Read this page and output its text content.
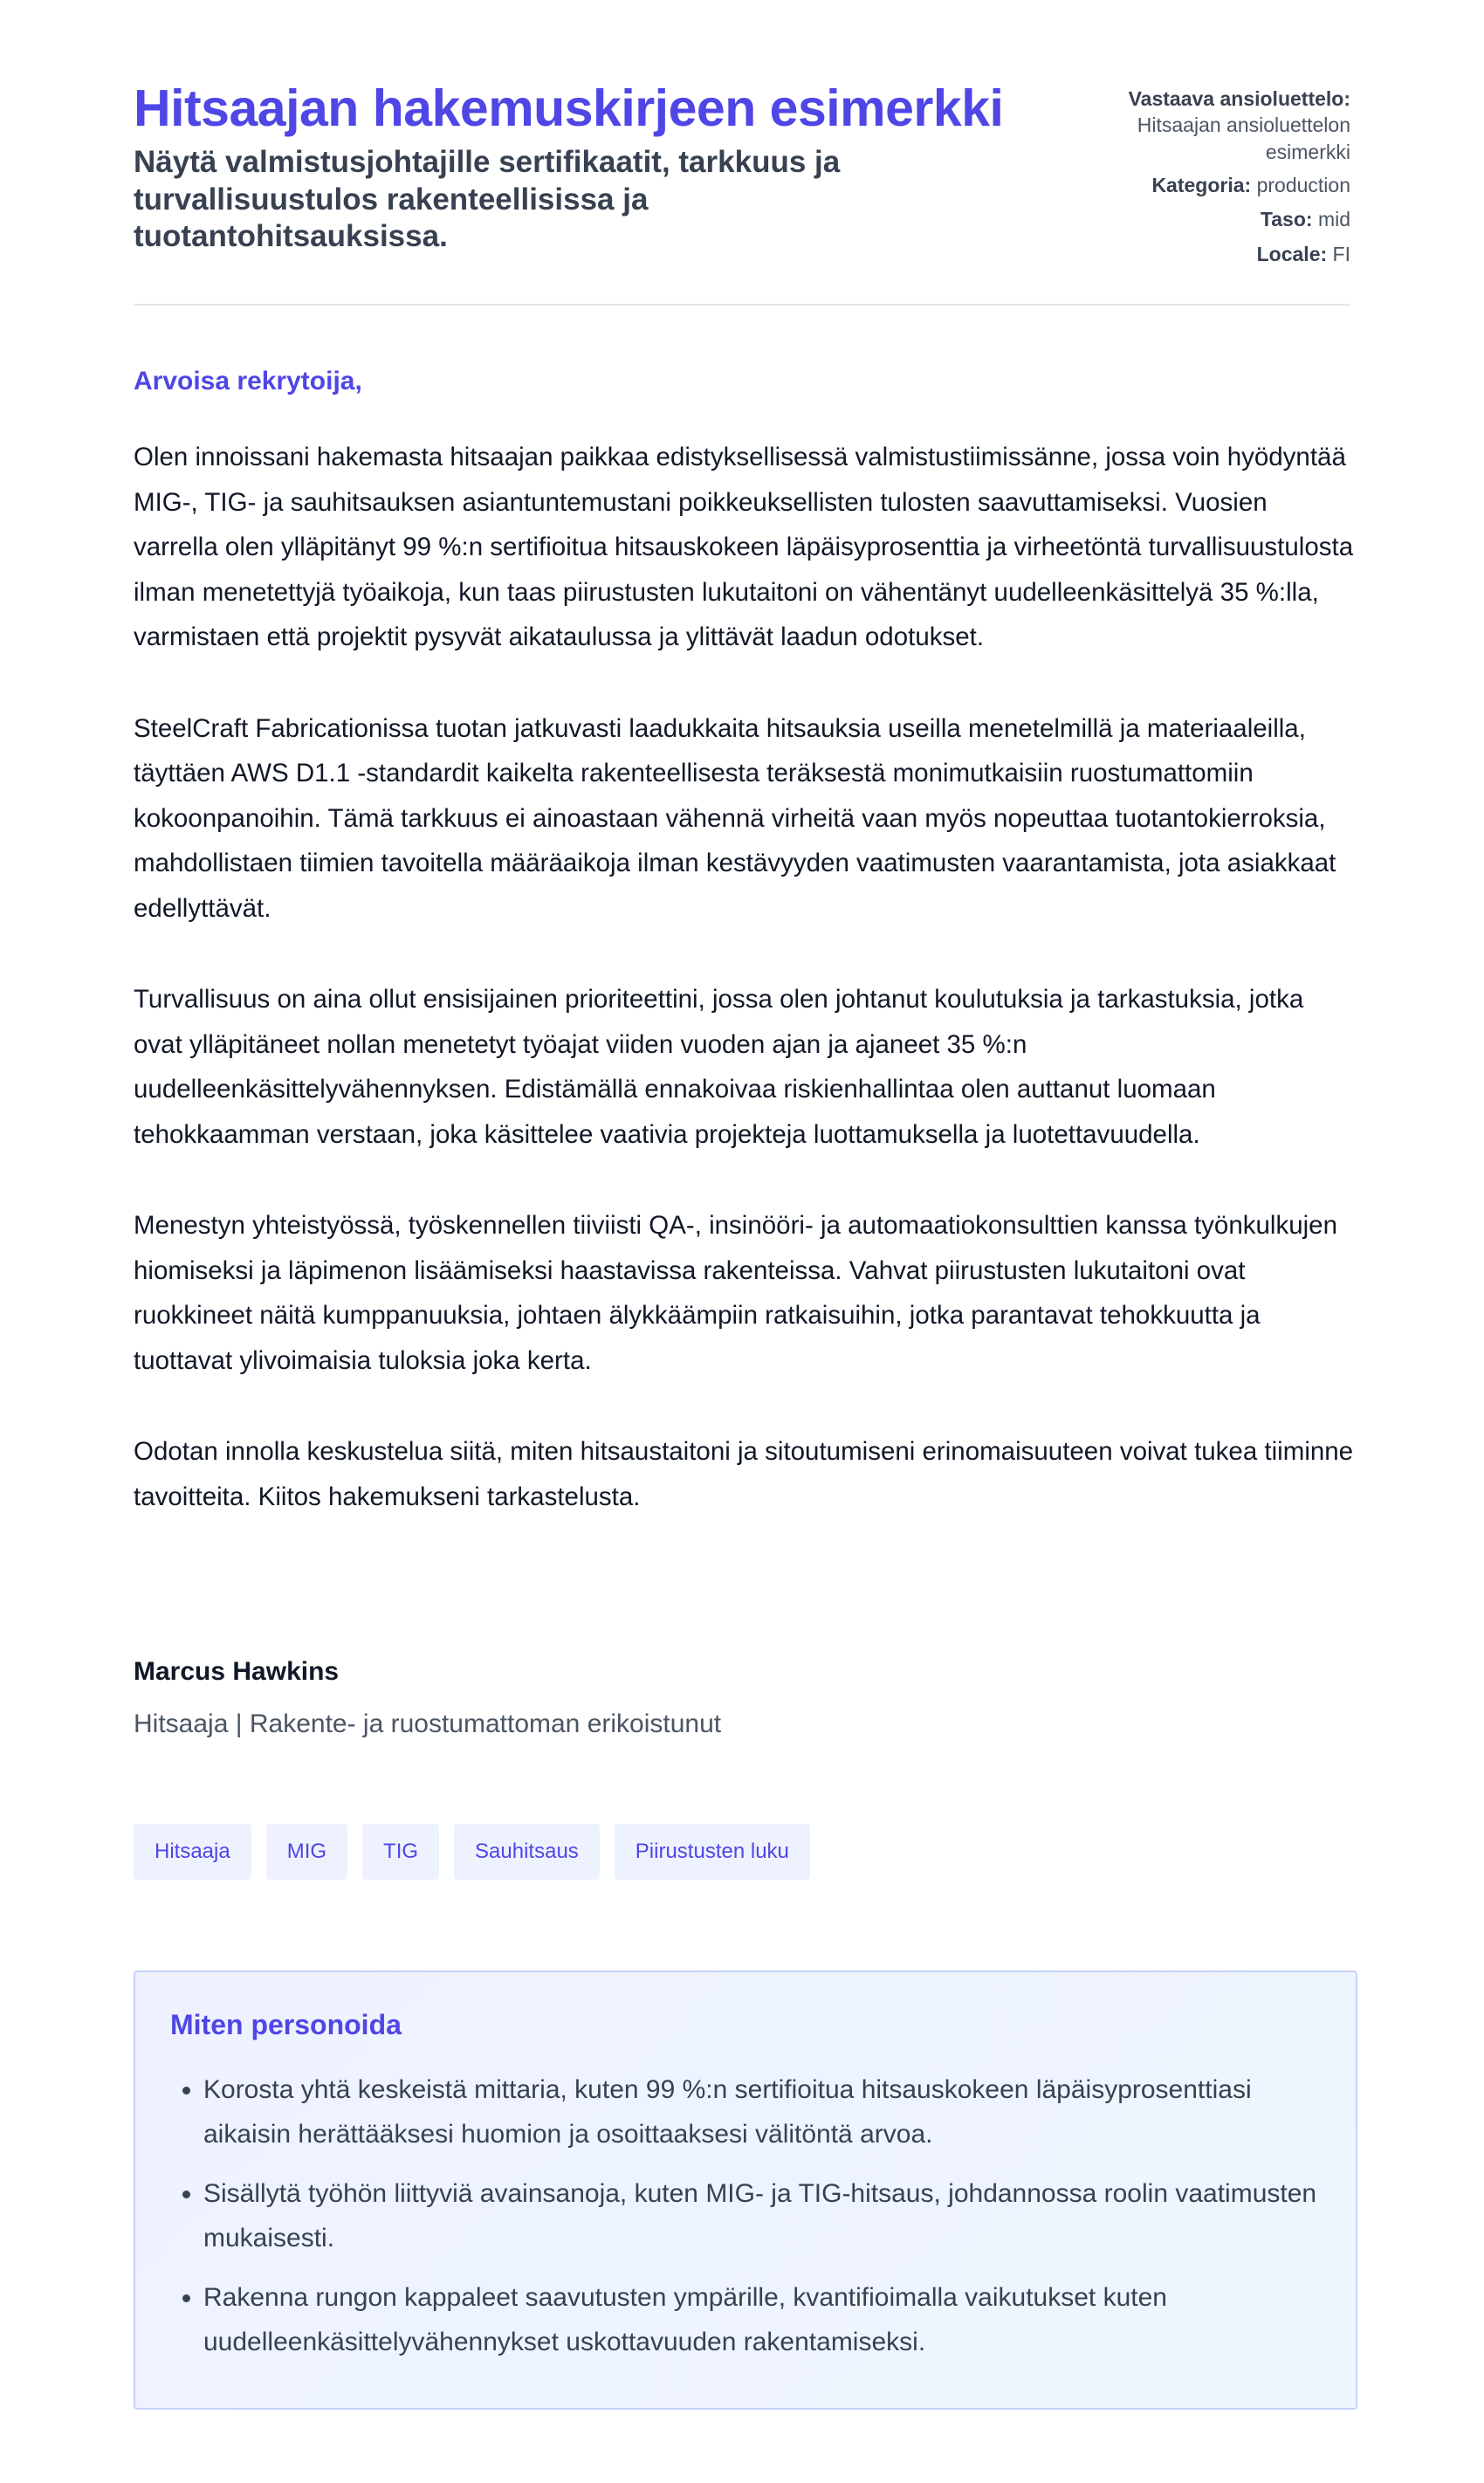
Hitsaajan hakemuskirjeen esimerkki
Näytä valmistusjohtajille sertifikaatit, tarkkuus ja turvallisuustulos rakenteellisissa ja tuotantohitsauksissa.
Vastaava ansioluettelo:
Hitsaajan ansioluettelon esimerkki
Kategoria: production
Taso: mid
Locale: FI

Arvoisa rekrytoija,

Olen innoissani hakemasta hitsaajan paikkaa edistyksellisessä valmistustiimissänne, jossa voin hyödyntää MIG-, TIG- ja sauhitsauksen asiantuntemustani poikkeuksellisten tulosten saavuttamiseksi. Vuosien varrella olen ylläpitänyt 99 %:n sertifioitua hitsauskokeen läpäisyprosenttia ja virheetöntä turvallisuustulosta ilman menetettyjä työaikoja, kun taas piirustusten lukutaitoni on vähentänyt uudelleenkäsittelyä 35 %:lla, varmistaen että projektit pysyvät aikataulussa ja ylittävät laadun odotukset.

SteelCraft Fabricationissa tuotan jatkuvasti laadukkaita hitsauksia useilla menetelmillä ja materiaaleilla, täyttäen AWS D1.1 -standardit kaikelta rakenteellisesta teräksestä monimutkaisiin ruostumattomiin kokoonpanoihin. Tämä tarkkuus ei ainoastaan vähennä virheitä vaan myös nopeuttaa tuotantokierroksia, mahdollistaen tiimien tavoitella määräaikoja ilman kestävyyden vaatimusten vaarantamista, jota asiakkaat edellyttävät.

Turvallisuus on aina ollut ensisijainen prioriteettini, jossa olen johtanut koulutuksia ja tarkastuksia, jotka ovat ylläpitäneet nollan menetetyt työajat viiden vuoden ajan ja ajaneet 35 %:n uudelleenkäsittelyvähennyksen. Edistämällä ennakoivaa riskienhallintaa olen auttanut luomaan tehokkaamman verstaan, joka käsittelee vaativia projekteja luottamuksella ja luotettavuudella.

Menestyn yhteistyössä, työskennellen tiiviisti QA-, insinööri- ja automaatiokonsulttien kanssa työnkulkujen hiomiseksi ja läpimenon lisäämiseksi haastavissa rakenteissa. Vahvat piirustusten lukutaitoni ovat ruokkineet näitä kumppanuuksia, johtaen älykkäämpiin ratkaisuihin, jotka parantavat tehokkuutta ja tuottavat ylivoimaisia tuloksia joka kerta.

Odotan innolla keskustelua siitä, miten hitsaustaitoni ja sitoutumiseni erinomaisuuteen voivat tukea tiiminne tavoitteita. Kiitos hakemukseni tarkastelusta.

Marcus Hawkins

Hitsaaja | Rakente- ja ruostumattoman erikoistunut

Hitsaaja	MIG	TIG	Sauhitsaus	Piirustusten luku
Miten personoida
• Korosta yhtä keskeistä mittaria, kuten 99 %:n sertifioitua hitsauskokeen läpäisyprosenttiasi aikaisin herättääksesi huomion ja osoittaaksesi välitöntä arvoa.
• Sisällytä työhön liittyviä avainsanoja, kuten MIG- ja TIG-hitsaus, johdannossa roolin vaatimusten mukaisesti.
• Rakenna rungon kappaleet saavutusten ympärille, kvantifioimalla vaikutukset kuten uudelleenkäsittelyvähennykset uskottavuuden rakentamiseksi.
